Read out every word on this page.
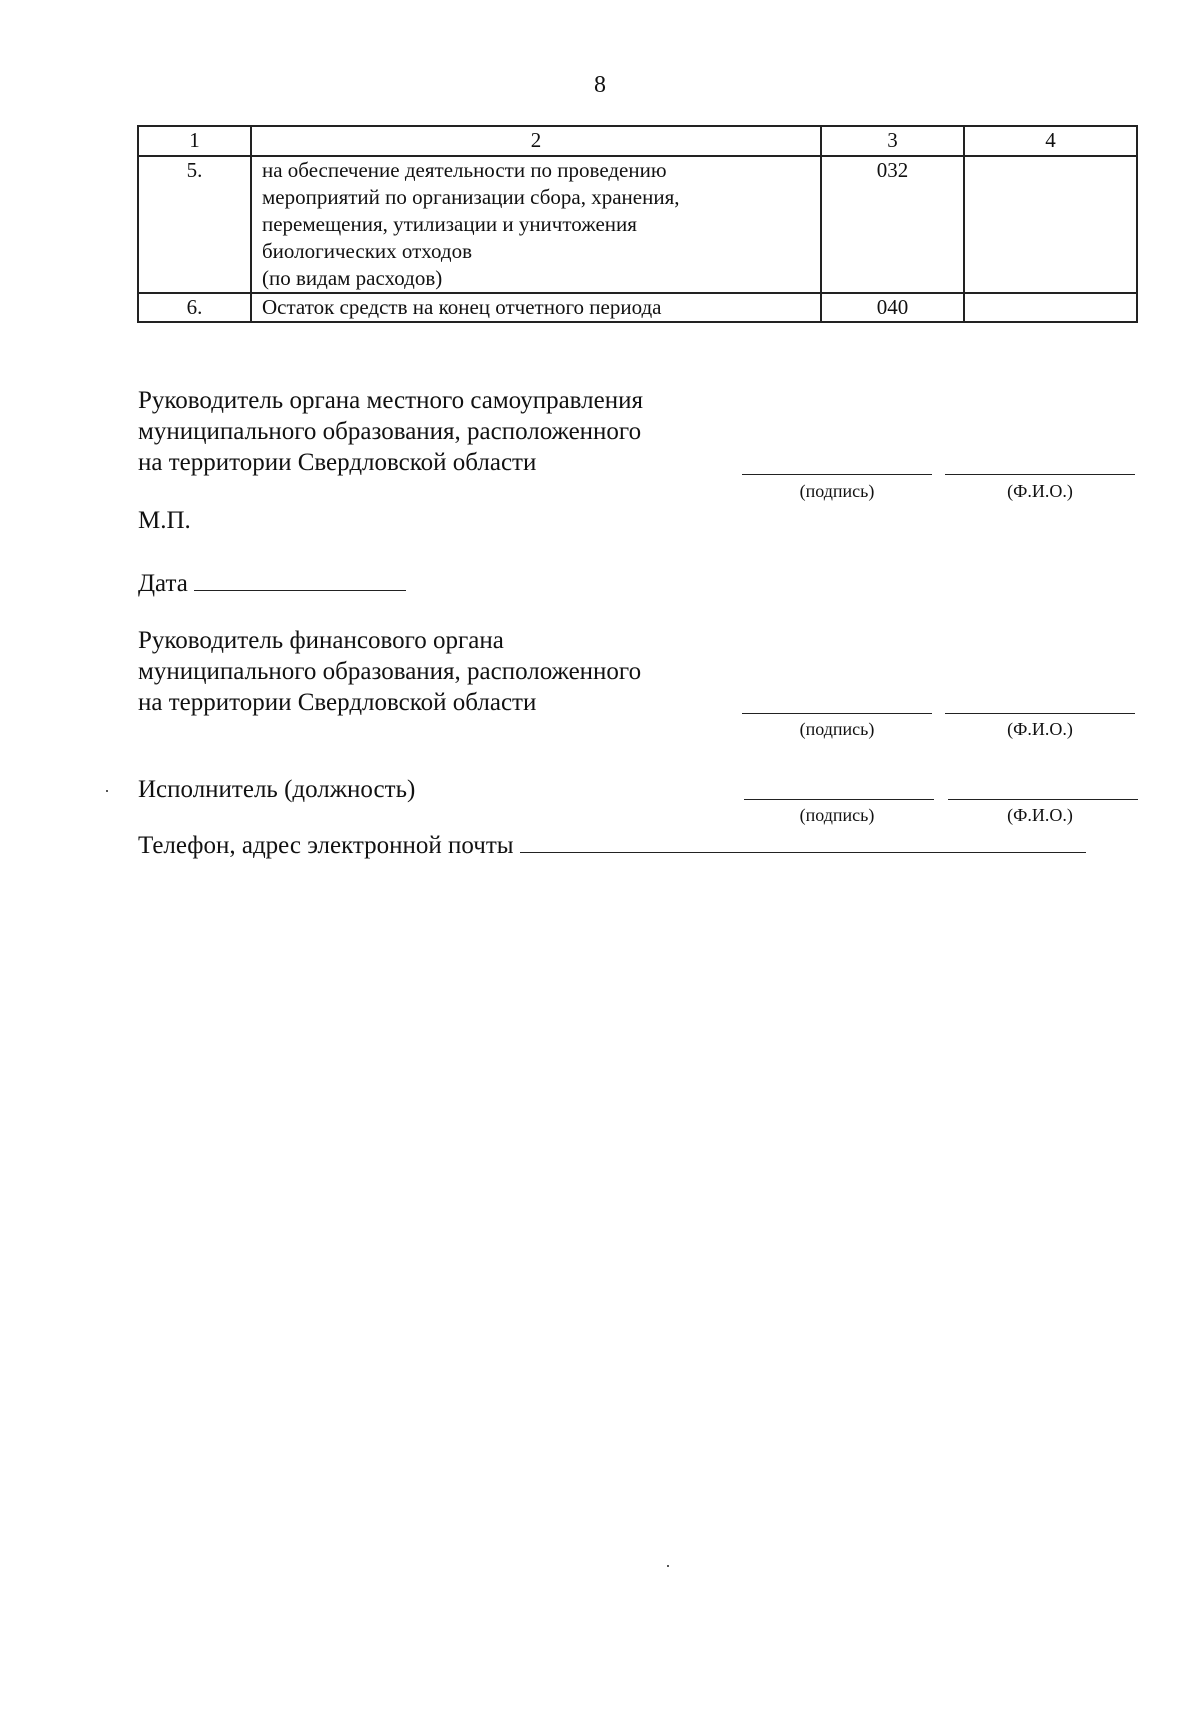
8
1	2	3	4
5.	на обеспечение деятельности по проведению
мероприятий по организации сбора, хранения,
перемещения, утилизации и уничтожения
биологических отходов
(по видам расходов)	032	
6.	Остаток средств на конец отчетного периода	040	
Руководитель органа местного самоуправления
муниципального образования, расположенного
на территории Свердловской области
(подпись)	(Ф.И.О.)
М.П.
Дата
Руководитель финансового органа
муниципального образования, расположенного
на территории Свердловской области
(подпись)	(Ф.И.О.)
Исполнитель (должность)
(подпись)	(Ф.И.О.)
Телефон, адрес электронной почты
